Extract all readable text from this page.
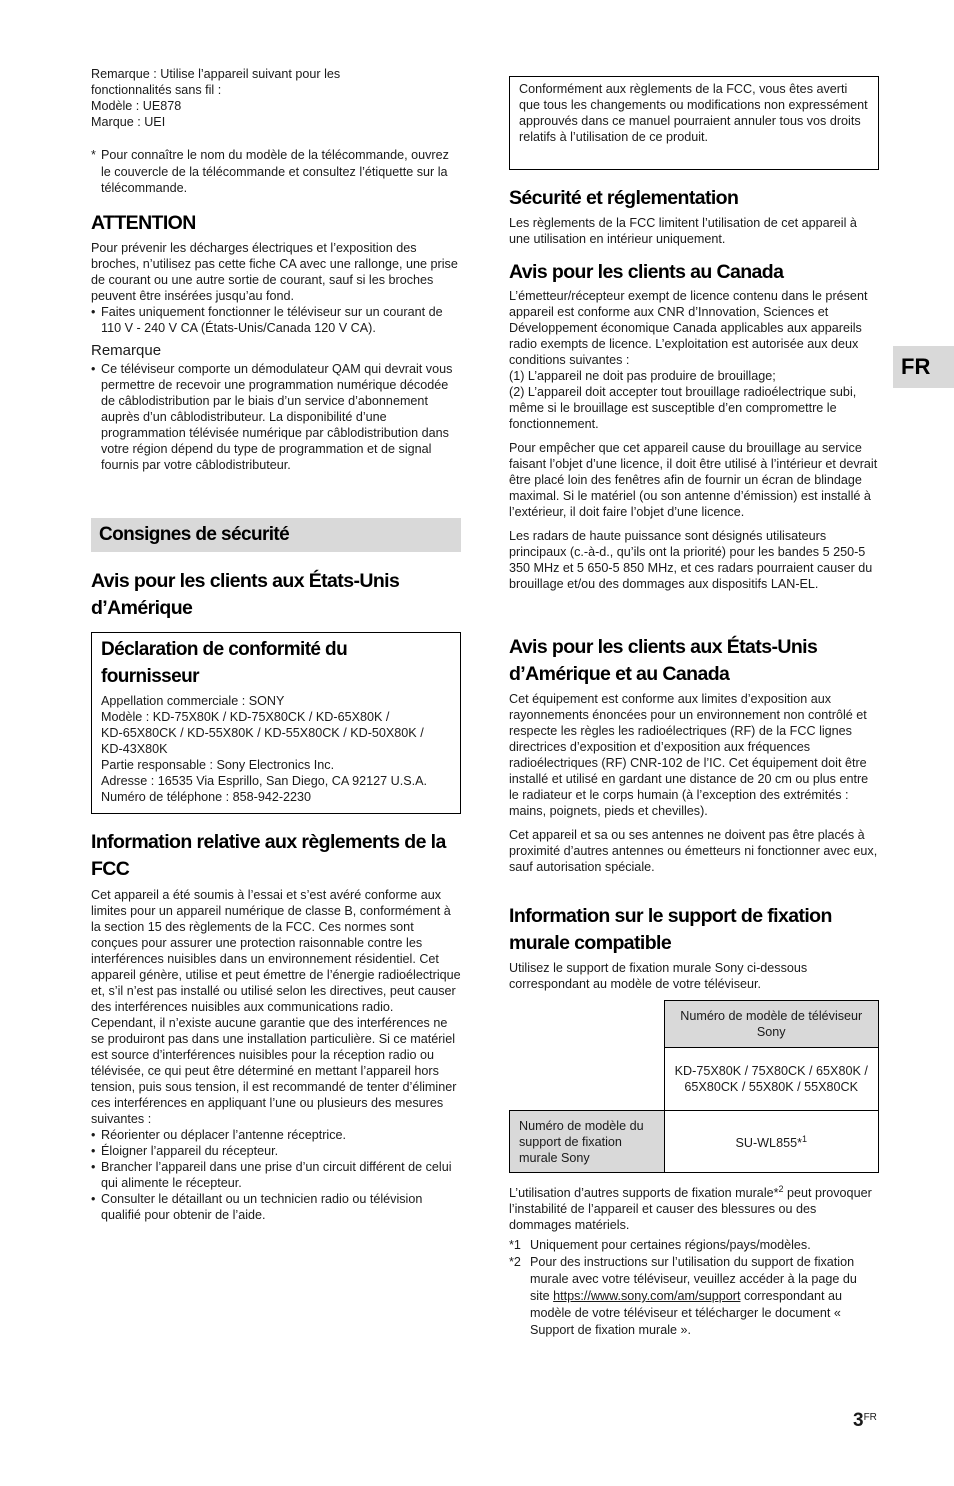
Remarque : Utilise l’appareil suivant pour les

fonctionnalités sans fil :

Modèle : UE878

Marque : UEI

* Pour connaître le nom du modèle de la télécommande, ouvrez le couvercle de la télécommande et consultez l’étiquette sur la télécommande.

ATTENTION

Pour prévenir les décharges électriques et l’exposition des broches, n’utilisez pas cette fiche CA avec une rallonge, une prise de courant ou une autre sortie de courant, sauf si les broches peuvent être insérées jusqu’au fond.

• Faites uniquement fonctionner le téléviseur sur un courant de 110 V - 240 V CA (États-Unis/Canada 120 V CA).

Remarque

• Ce téléviseur comporte un démodulateur QAM qui devrait vous permettre de recevoir une programmation numérique décodée de câblodistribution par le biais d’un service d’abonnement auprès d’un câblodistributeur. La disponibilité d’une programmation télévisée numérique par câblodistribution dans votre région dépend du type de programmation et de signal fournis par votre câblodistributeur.

Consignes de sécurité
Avis pour les clients aux États-Unis d’Amérique
Déclaration de conformité du fournisseur

Appellation commerciale : SONY

Modèle : KD-75X80K / KD-75X80CK / KD-65X80K /

KD-65X80CK / KD-55X80K / KD-55X80CK / KD-50X80K /

KD-43X80K

Partie responsable : Sony Electronics Inc.

Adresse : 16535 Via Esprillo, San Diego, CA 92127 U.S.A.

Numéro de téléphone : 858-942-2230

Information relative aux règlements de la FCC

Cet appareil a été soumis à l’essai et s’est avéré conforme aux limites pour un appareil numérique de classe B, conformément à la section 15 des règlements de la FCC. Ces normes sont conçues pour assurer une protection raisonnable contre les interférences nuisibles dans un environnement résidentiel. Cet appareil génère, utilise et peut émettre de l’énergie radioélectrique et, s’il n’est pas installé ou utilisé selon les directives, peut causer des interférences nuisibles aux communications radio. Cependant, il n’existe aucune garantie que des interférences ne se produiront pas dans une installation particulière. Si ce matériel est source d’interférences nuisibles pour la réception radio ou télévisée, ce qui peut être déterminé en mettant l’appareil hors tension, puis sous tension, il est recommandé de tenter d’éliminer ces interférences en appliquant l’une ou plusieurs des mesures suivantes :

• Réorienter ou déplacer l’antenne réceptrice.

• Éloigner l’appareil du récepteur.

• Brancher l’appareil dans une prise d’un circuit différent de celui qui alimente le récepteur.

• Consulter le détaillant ou un technicien radio ou télévision qualifié pour obtenir de l’aide.

Conformément aux règlements de la FCC, vous êtes averti que tous les changements ou modifications non expressément approuvés dans ce manuel pourraient annuler tous vos droits relatifs à l’utilisation de ce produit.

Sécurité et réglementation
Les règlements de la FCC limitent l’utilisation de cet appareil à une utilisation en intérieur uniquement.
Avis pour les clients au Canada

L’émetteur/récepteur exempt de licence contenu dans le présent appareil est conforme aux CNR d’Innovation, Sciences et Développement économique Canada applicables aux appareils radio exempts de licence. L’exploitation est autorisée aux deux conditions suivantes :

(1) L’appareil ne doit pas produire de brouillage;

(2) L’appareil doit accepter tout brouillage radioélectrique subi, même si le brouillage est susceptible d’en compromettre le fonctionnement.

Pour empêcher que cet appareil cause du brouillage au service faisant l’objet d’une licence, il doit être utilisé à l’intérieur et devrait être placé loin des fenêtres afin de fournir un écran de blindage maximal. Si le matériel (ou son antenne d’émission) est installé à l’extérieur, il doit faire l’objet d’une licence.

Les radars de haute puissance sont désignés utilisateurs principaux (c.-à-d., qu’ils ont la priorité) pour les bandes 5 250-5 350 MHz et 5 650-5 850 MHz, et ces radars pourraient causer du brouillage et/ou des dommages aux dispositifs LAN-EL.

Avis pour les clients aux États-Unis d’Amérique et au Canada

Cet équipement est conforme aux limites d’exposition aux rayonnements énoncées pour un environnement non contrôlé et respecte les règles les radioélectriques (RF) de la FCC lignes directrices d’exposition et d’exposition aux fréquences radioélectriques (RF) CNR-102 de l’IC. Cet équipement doit être installé et utilisé en gardant une distance de 20 cm ou plus entre le radiateur et le corps humain (à l’exception des extrémités : mains, poignets, pieds et chevilles).

Cet appareil et sa ou ses antennes ne doivent pas être placés à proximité d’autres antennes ou émetteurs ni fonctionner avec eux, sauf autorisation spéciale.

Information sur le support de fixation murale compatible
Utilisez le support de fixation murale Sony ci-dessous correspondant au modèle de votre téléviseur.
	Numéro de modèle de téléviseur Sony
	KD-75X80K / 75X80CK / 65X80K / 65X80CK / 55X80K / 55X80CK
Numéro de modèle du support de fixation murale Sony	SU-WL855*$^1$
L’utilisation d’autres supports de fixation murale*$^2$ peut provoquer l’instabilité de l’appareil et causer des blessures ou des dommages matériels.
*1 Uniquement pour certaines régions/pays/modèles.
*2 Pour des instructions sur l’utilisation du support de fixation murale avec votre téléviseur, veuillez accéder à la page du site https://www.sony.com/am/support correspondant au modèle de votre téléviseur et télécharger le document « Support de fixation murale ».
FR
$3^{FR}$
